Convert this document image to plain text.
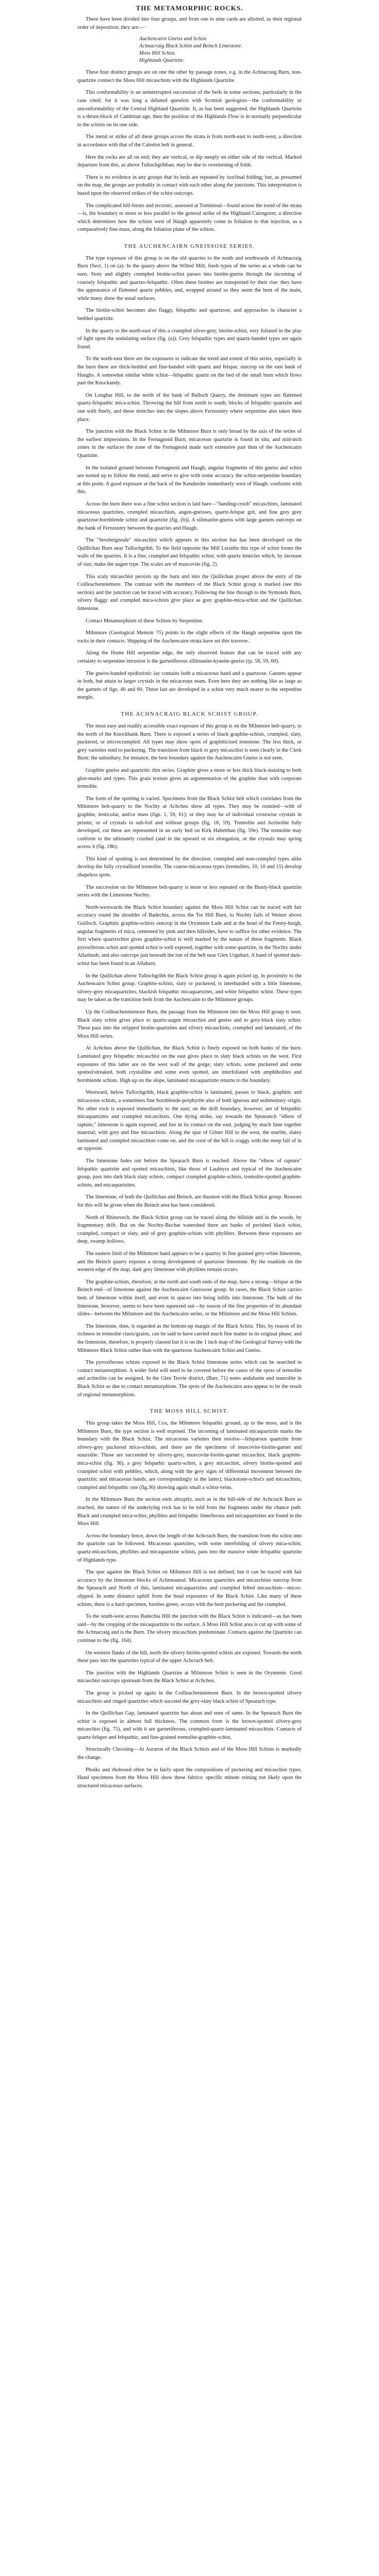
THE METAMORPHIC ROCKS.

These have been divided into four groups, and from one to nine cards are allotted, as their regional order of deposition; they are:—

Auchencairn Gneiss and Schist.
Achnacraig Black Schist and Beinch Limestone.
Moss Hill Schist.
Highlands Quartzite.

These four distinct groups are on one the other by passage zones, e.g. in the Achnacraig Burn, non-quartzite connect the Moss Hill micaschists with the Highlands Quartzite.

This conformability is an uninterrupted succession of the beds in some sections, particularly in the case cited; for it was long a debated question with Scottish geologists—the conformability or unconformability of the Central Highland Quartzite. It, as has been suggested, the Highlands Quartzite is a thrust-block of Cambrian age, then the position of the Highlands Flow is in normally perpendicular to the schists on its one side.

The metal or strike of all these groups across the strata is from north-east to north-west, a direction in accordance with that of the Caledon belt in general.

Here the rocks are all on end; they are vertical, or dip steeply on either side of the vertical. Marked departure from this, as above Tullochgribban, may be due to overturning of folds.

There is no evidence in any groups that its beds are repeated by isoclinal folding; but, as presumed on the map, the groups are probably in contact with each other along the junctions. This interpretation is based upon the observed strikes of the schist outcrops.

The complicated hill-forms and tectonic, assessed at Tomintoul—found across the trend of the strata—is, the boundary to more or less parallel to the general strike of the Highland Cairngorm; a direction which determines how the schists west of Haugh apparently come in foliation to that injection, as a comparatively fine mass, along the foliation plane of the schists.

THE AUCHENCAIRN GNEISSOSE SERIES.

The type exposure of this group is on the old quarries to the north and northwards of Achnacraig Burn (Sect. 1) on (a). In the quarry above the Wilted Mill, fresh types of the series as a whole can be seen. Stoty and slightly crumpled biotite-schist passes into biotite-gneiss through the incoming of coarsely felspathic and quartzo-felspathic. Often these biotites are transported by their rise: they have the appearance of flattened quartz pebbles, and, wrapped around so they seem the bent of the main, while many show the usual surfaces.

The biotite-schist becomes also flaggy, felspathic and quartzose, and approaches in character a bedded quartzite.

In the quarry to the north-east of this a crumpled silver-grey, biotite-schist, very foliated in the play of light upon the undulating surface (fig. (a)). Grey felspathic types and quartz-banded types are again found.

To the north-east there are the exposures to indicate the trend and extent of this series, especially in the burn these are thick-bedded and fine-banded with quartz and felspar, outcrop on the east bank of Haughs. A somewhat similar white schist—felspathic quartz on the bed of the small burn which flows past the Knockandy.

On Longhar Hill, to the north of the bank of Balloch Quarry, the dominant types are flattened quartz-felspathic mica-schist. Throwing the hill from north to south, blocks of felspathic quartzite and one with finely, and these stretches into the slopes above Fernoustry where serpentine also takes their place.

The junction with the Black Schist in the Milnmore Burn is only broad by the axis of the series of the earliest impressions. In the Fernagnoid Burn, micaceous quartzite is found in situ, and mid-inch zones in the surfaces the zone of the Fernagnoid made such extensive part than of the Auchencairn Quartzite.

In the isolated ground between Fernagnoid and Haugh, angular fragments of this gneiss and schist are turned up to follow the trend, and serve to give with some accuracy the schist-serpentine boundary at this point. A good exposure at the back of the Kendurder immediately west of Haugh; conforms with this.

Across the burn there was a fine schist section is laid bare—"banding-crush" micaschists, laminated micaceous quartzites, crumpled micaschists, augen-gneisses, quartz-felspar grit, and fine grey grey quartzose-hornblende schist and quartzite (fig. (b)). A silimanite-gneiss with large garnets outcrops on the bank of Fernoustry between the quarries and Haugh.

The "Serobeigneale" micaschist which appears in this section has has been developed on the Quillichan Burn near Tullochgribh. To the field opposite the Mill Leraiths this type of schist forms the walls of the quarries. It is a fine, crumpled and felspathic schist, with quartz lenticles which, by increase of size, make the augen type. The scales are of muscovite (fig. 2).

This scaly micaschist persists up the burn and into the Quillichan proper above the entry of the Coilleachenniemore. The contrast with the members of the Black Schist group is marked (see this section) and the junction can be traced with accuracy. Following the line through to the Symonds Burn, silvery flaggy and crumpled mica-schists give place as grey graphite-mica-schist and the Quillichan limestone.

Contact Metamorphism of these Schists by Serpentine.

Milnmore (Geological Memoir 75) points to the slight effects of the Haugh serpentine upon the rocks in their contacts. Shipping of the Auchencairn strata have set this traverse.

Along the Home Hill serpentine edge, the only observed feature that can be traced with any certainty to serpentine intrusion is the garnetiferous sillimanite-kyanite-gneiss ((p. 58, 59, 60).

The gneiss-banded epidioristic lay contains both a micaceous band and a quartzose. Garnets appear in both, but attain to larger crystals in the micaceous seam. Even here they are nothing like as large as the garnets of figs. 40 and 60. These last are developed in a schist very much nearer to the serpentine margin.

THE ACHNACRAIG BLACK SCHIST GROUP.

The most easy and readily accessible exact exposure of this group is on the Milnmore belt-quarry, to the north of the Knockbank Burn. There is exposed a series of black graphite-schists, crumpled, slaty, puckered, or microcrumpled. All types may show spots of graphiticised ironstone. The less thick, or grey varieties tend to puckering. The transition from black to grey micaschist is seen clearly in the Clerk Burn: the subsidiary, for instance, the best boundary against the Auchencairn Gneiss is not seen.

Graphite gneiss and quartzitic dim series. Graphite gives a more or less thick black-staining to both glen-marks and types. This grain texture gives an argumentation of the graphite than with corporate tremolite.

The form of the spotting is varied. Specimens from the Black Schist belt which correlates from the Milnmore belt-quarry to the Nochty at Achcheu show all types. They may be rounded—with of graphite, lenticular, and/or mass (figs. 1, 59, 61); or they may be of individual crosswise crystals in prisms; or of crystals in sub-foil and without groups (fig. 18, 59). Tremolite and Actinolite fully developed, cut these are represented in an early bed on Kirk Habetthan (fig. 59e). The tremolite may conform to the ultimately crushed (and in the upward or six elongation, or the crystals may spring across it (fig. 18b).

This kind of spotting is not determined by the direction; crumpled and non-crumpled types alike develop the fully crystallized tremolite. The coarse-micaceous types (tremolites, 10, 10 and 15) develop shapeless spots.

The succession on the Milnmore belt-quarry is more or less repeated on the Bunty-black quartzite series with the Limestone Nochty.

North-westwards the Black Schist boundary against the Moss Hill Schist can be traced with fair accuracy round the shoulder of Badechia, across the Tor Hill Burn, to Nochty fails of Weiner above Guilloch. Graphitic graphite-schists outcrop in the Orymenie Lade and at the head of the Fenny-burgh, angular fragments of mica, cemented by pink and then hillsides, have to suffice for other evidence. The first where quartzschist gives graphite-schist is well marked by the nature of these fragments. Black pyroxiferous schist and spotted schist is well exposed, together with some quartzite, in the Nochty under Allasbush, and also outcrops just beneath the run of the belt near Glen Urguhart. A band of spotted dark-schist has been found in an Allaharu.

In the Quillichan above Tullochgribh the Black Schist group is again picked up, in proximity to the Auchencairn Schist group. Graphite-schists, slaty or puckered, is interbanded with a little limestone, silvery-grey micaquartzites, blackish felspathic micaquartzites, and white felspathic schist. These types may be taken as the transition beds from the Auchencairn to the Milnmore groups.

Up the Coilleachenniemore Burn, the passage from the Milnmore into the Moss Hill group is seen. Black slaty schist gives place to quartz-augen micaschist and gneiss and to grey-black slaty schist. These pass into the stripped biotite-quartzites and silvery micaschists, crumpled and laminated, of the Moss Hill series.

At Achcheu above the Quillichan, the Black Schist is finely exposed on both banks of the burn. Laminated grey felspathic micaschist on the east gives place to slaty black schists on the west. First exposures of this latter are on the west wall of the gorge; slaty schists, some puckered and some spotted/streaked, both crystalline and some even spotted, are interfoliated with amphibolites and hornblende schists. High up on the slope, laminated micaquartzite returns to the boundary.

Westward, below Tullochgribh, black graphite-schist is laminated, passes to black, graphitic and micaceous schists, a sometimes fine hornblende-porphyrite also of both igneous and sedimentary origin. No other rock is exposed immediately to the east; on the drift boundary, however, are of felspathic micaquartzites and crumpled micaschists. One dying strike, say towards the Spearanch "elbow of rapture," limestone is again exposed, and lies in its contact on the east, judging by much lime together material; with grey and fine micaschists. Along the spar of Gilner Hill to the west, the marble, slatey laminated and crumpled micaschists come on, and the crest of the hill is craggy with the steep fall of in an opposite.

The limestone fades out before the Spearach Burn is reached. Above the "elbow of rapture" felspathic quartzite and spotted micaschists, like those of Lauhtyra and typical of the Auchencairn group, pass into dark black slaty schists, compact crumpled graphite-schists, tremolite-spotted graphite-schists, and micaquartzites.

The limestone, of both the Quillichan and Beinch, are thusmot with the Black Schist group. Reasons for this will be given when the Beinch area has been considered.

North of Rhinovech, the Black Schist group can be traced along the hillside and in the woods, by fragmentary drift. But on the Nochty-Buchat watershed there are banks of perished black schist, crumpled, compact or slaty, and of grey graphite-schists with phyllites. Between these exposures are deep, swamp hollows.

The eastern limit of the Milnmore band appears to be a quartzy in fine grained grey-white limestone, and the Beinch quarry exposes a strong development of quartzose limestone. By the roadside on the western edge of the map, dark grey limestone with phyllites remain occurs.

The graphite-schists, therefore, at the north and south ends of the map, have a strong—felspar at the Beinch end—of limestone against the Auchencairn Gneissose group. In cases, the Black Schist carries beds of limestone within itself, and even in spaces into being infills into limestone. The bulk of the limestone, however, seems to have been squeezed out—by reason of the fine properties of its abundant slides—between the Milnmore and the Auchencairn series, or the Milnmore and the Moss Hill Schists.

The limestone, then, is regarded as the bottom-up margin of the Black Schist. This, by reason of its richness in tremolite clasts/grains, can be said to have carried much fine matter in its original phase; and the limestone, therefore, is properly classed but it is on the 1 inch map of the Geological Survey with the Milnmore Black Schist rather than with the quartzose Auchencairn Schist and Gneiss.

The pyroxiferous schists exposed in the Black Schist limestone series which can be searched to contact metamorphism. A wider field will need to be covered before the cause of the spots of tremolite and actinolite can be assigned. In the Glen Tervie district, (Barr, 71) notes andalusite and staurolite in Black Schist so due to contact metamorphism. The spots of the Auchencairn area appear to be the result of regional metamorphism.

THE MOSS HILL SCHIST.

This group takes the Moss Hill, Cox, the Milnmore felspathic ground, up to the moss, and is the Milnmore Burn, the type section is well exposed. The incoming of laminated micaquartzite marks the boundary with the Black Schist. The micaceous varieties then resolve—felsparous quartzite from silvery-grey puckered mica-schists, and there are the specimens of muscovite-biotite-garnet and staurolite. Those are succeeded by silvery-grey, muscovite-biotite-garnet micaschist, black graphite-mica-schist (fig. 36), a grey felspathic quartz-schist, a grey micaschist, silvery biotite-spotted and crumpled schist with pebbles, which, along with the grey signs of differential movement between the quartzitic and micaceous bands, are correspondingly in the latter); blackstone-schist's and micaschists, crumpled and felspathic one (fig.36) showing again small a schist-veins.

In the Milnmore Burn the section ends abruptly, such as in the hill-side of the Achcrach Burn as reached, the nature of the underlying rock has to be told from the fragments under the chance path. Black and crumpled mica-schist, phyllites and felspathic limeiferous and micaquartzites are found in the Moss Hill.

Across the boundary fence, down the length of the Achcrach Burn, the transition from the schist into the quartzite can be followed. Micaceous quartzites, with some interfolding of silvery mica-schist, quartz-micaschists, phyllites and micaquartzite schists, pass into the massive white felspathic quartzite of Highlands type.

The spar against the Black Schist on Milnmore Hill is not defined, but it can be traced with fair accuracy by the limestone blocks of Achmeaneal. Micaceous quartzites and micaschists outcrop from the Spearach and North of this, laminated micaquartzites and crumpled felted micaschists—micro-slipped. In some distance uphill from the head exposures of the Black Schist. Like many of these schists, there is a hard specimen, biotites green, occurs with the bent puckering and the crumpled.

To the south-west across Badechia Hill the junction with the Black Schist is indicated—as has been said—by the cropping of the micaquartzite to the surface. A Moss Hill Schist area is cut up with some of the Achnacraig and is the Burn. The silvery micaschists predominate. Contacts against the Quartzite can continue to the (fig. 164).

On western flanks of the hill, north the silvery biotite-spotted schists are exposed. Towards the north these pass into the quartzites typical of the upper Achcrach belt.

The junction with the Highlands Quartzite at Milnmore Schist is seen in the Orymenie. Good micaschist outcrops upstream from the Black Schist at Achcheu.

The group is picked up again in the Coilleachenniemore Burn. In the brown-spotted silvery micaschists and ringed quartzites which succeed the grey-slaty black schist of Spearach type.

In the Quillichan Gap, laminated quartzite has about and seen of same. In the Spearach Burn the schist is exposed in almost full thickness. The common form is the brown-spotted silvery-grey micaschist (fig. 75), and with it are garnetiferous, crumpled-quartz-laminated micaschists. Contacts of quartz-felsper and felspathic, and fine-grained tremolite-graphite-schist,

Structurally Choosing—At Auraron of the Black Schists and of the Moss Hill Schists is markedly the change.

Phoiks and rhobosed often tie in fairly upon the compositions of puckering and micaschist types. Hand specimens from the Moss Hill show these fabrics: specific minute reining not likely upon the structured micaceous surfaces.
